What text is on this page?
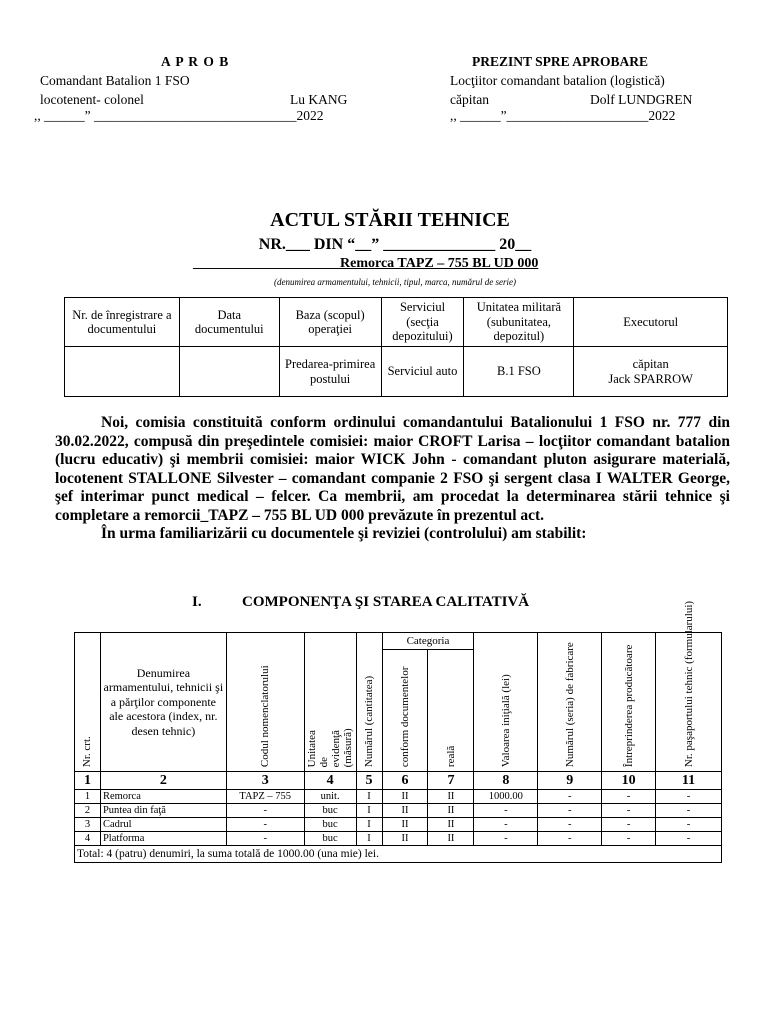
A P R O B
Comandant Batalion 1 FSO
locotenent- colonel	Lu KANG
,, ______” ______________________________2022
PREZINT SPRE APROBARE
Locţiitor comandant batalion (logistică)
căpitan	Dolf LUNDGREN
,, ______”_____________________2022
ACTUL STĂRII TEHNICE
NR.___ DIN “__” ______________ 20__
_____________________Remorca TAPZ – 755 BL UD 000
(denumirea armamentului, tehnicii, tipul, marca, numărul de serie)
Nr. de înregistrare a documentului	Data documentului	Baza (scopul) operaţiei	Serviciul (secţia depozitului)	Unitatea militară (subunitatea, depozitul)	Executorul
		Predarea-primirea postului	Serviciul auto	B.1 FSO	căpitan
Jack SPARROW

Noi, comisia constituită conform ordinului comandantului Batalionului 1 FSO nr. 777 din 30.02.2022, compusă din preşedintele comisiei: maior CROFT Larisa – locţiitor comandant batalion (lucru educativ) şi membrii comisiei: maior WICK John - comandant pluton asigurare materială, locotenent STALLONE Silvester – comandant companie 2 FSO şi sergent clasa I WALTER George, şef interimar punct medical – felcer. Ca membrii, am procedat la determinarea stării tehnice şi completare a remorcii_TAPZ – 755 BL UD 000 prevăzute în prezentul act.

În urma familiarizării cu documentele şi reviziei (controlului) am stabilit:

I.	COMPONENŢA ŞI STAREA CALITATIVĂ
Nr. crt.	Denumirea armamentului, tehnicii şi a părţilor componente ale acestora (index, nr. desen tehnic)	Codul nomenclatorului	Unitatea de evidenţă (măsură)	Numărul (cantitatea)	Categoria		Valoarea iniţială (lei)	Numărul (seria) de fabricare	Întreprinderea producătoare	Nr. paşaportului tehnic (formularului)

					conform documentelor	reală				

1	2	3	4	5	6	7	8	9	10	11
1	Remorca	TAPZ – 755	unit.	I	II	II	1000.00	-	-	-
2	Puntea din faţă	-	buc	I	II	II	-	-	-	-
3	Cadrul	-	buc	I	II	II	-	-	-	-
4	Platforma	-	buc	I	II	II	-	-	-	-
Total: 4 (patru) denumiri, la suma totală de 1000.00 (una mie) lei.										
